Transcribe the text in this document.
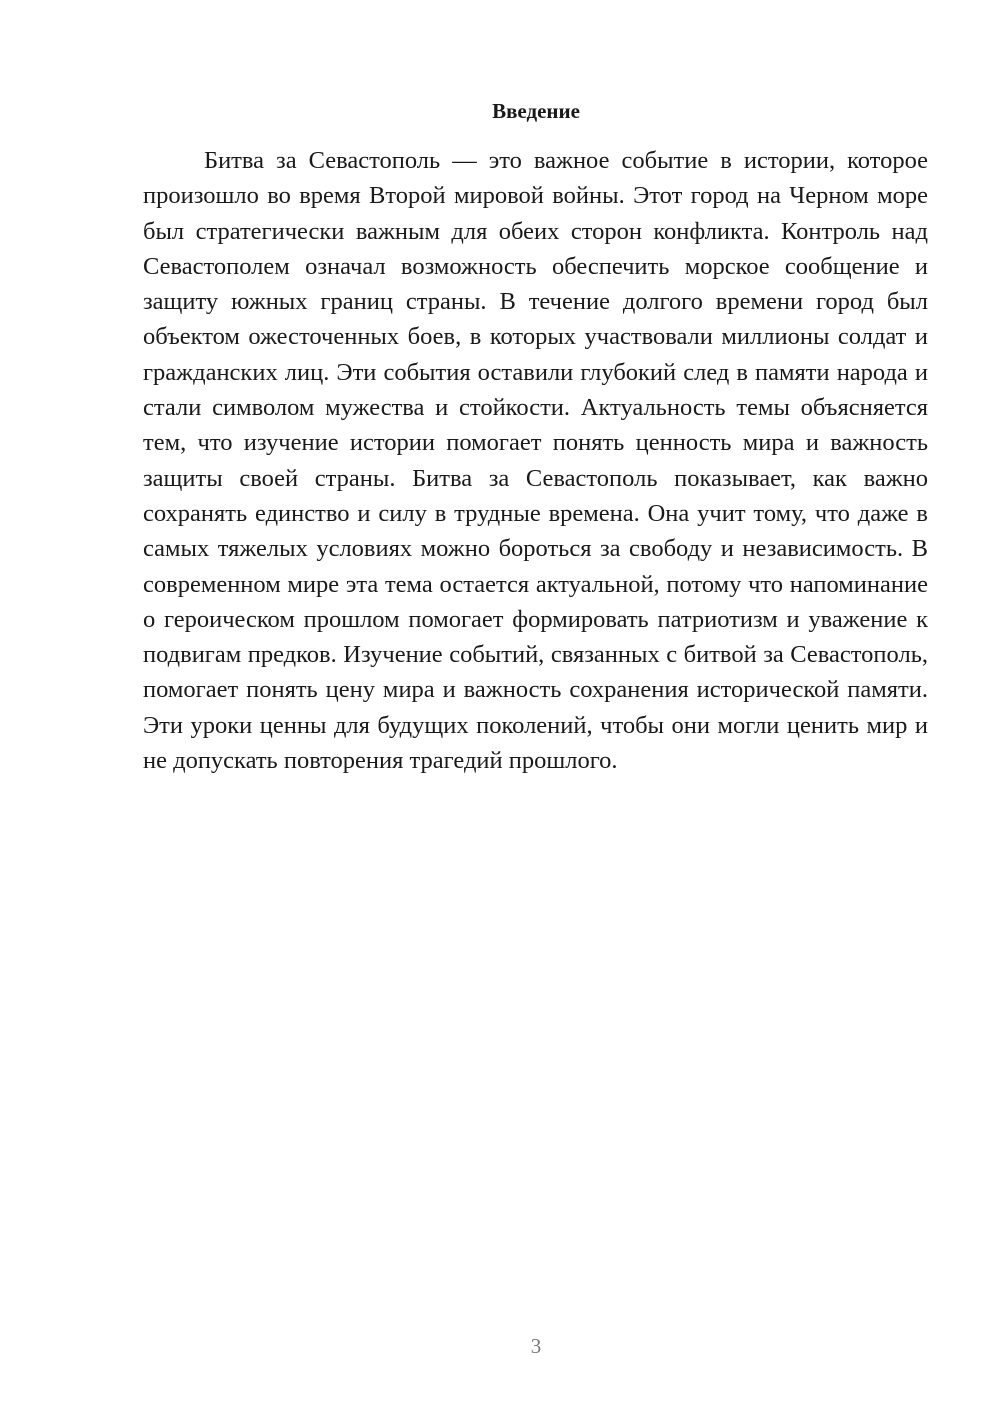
Введение

Битва за Севастополь — это важное событие в истории, которое произошло во время Второй мировой войны. Этот город на Черном море был стратегически важным для обеих сторон конфликта. Контроль над Севастополем означал возможность обеспечить морское сообщение и защиту южных границ страны. В течение долгого времени город был объектом ожесточенных боев, в которых участвовали миллионы солдат и гражданских лиц. Эти события оставили глубокий след в памяти народа и стали символом мужества и стойкости. Актуальность темы объясняется тем, что изучение истории помогает понять ценность мира и важность защиты своей страны. Битва за Севастополь показывает, как важно сохранять единство и силу в трудные времена. Она учит тому, что даже в самых тяжелых условиях можно бороться за свободу и независимость. В современном мире эта тема остается актуальной, потому что напоминание о героическом прошлом помогает формировать патриотизм и уважение к подвигам предков. Изучение событий, связанных с битвой за Севастополь, помогает понять цену мира и важность сохранения исторической памяти. Эти уроки ценны для будущих поколений, чтобы они могли ценить мир и не допускать повторения трагедий прошлого.

3
